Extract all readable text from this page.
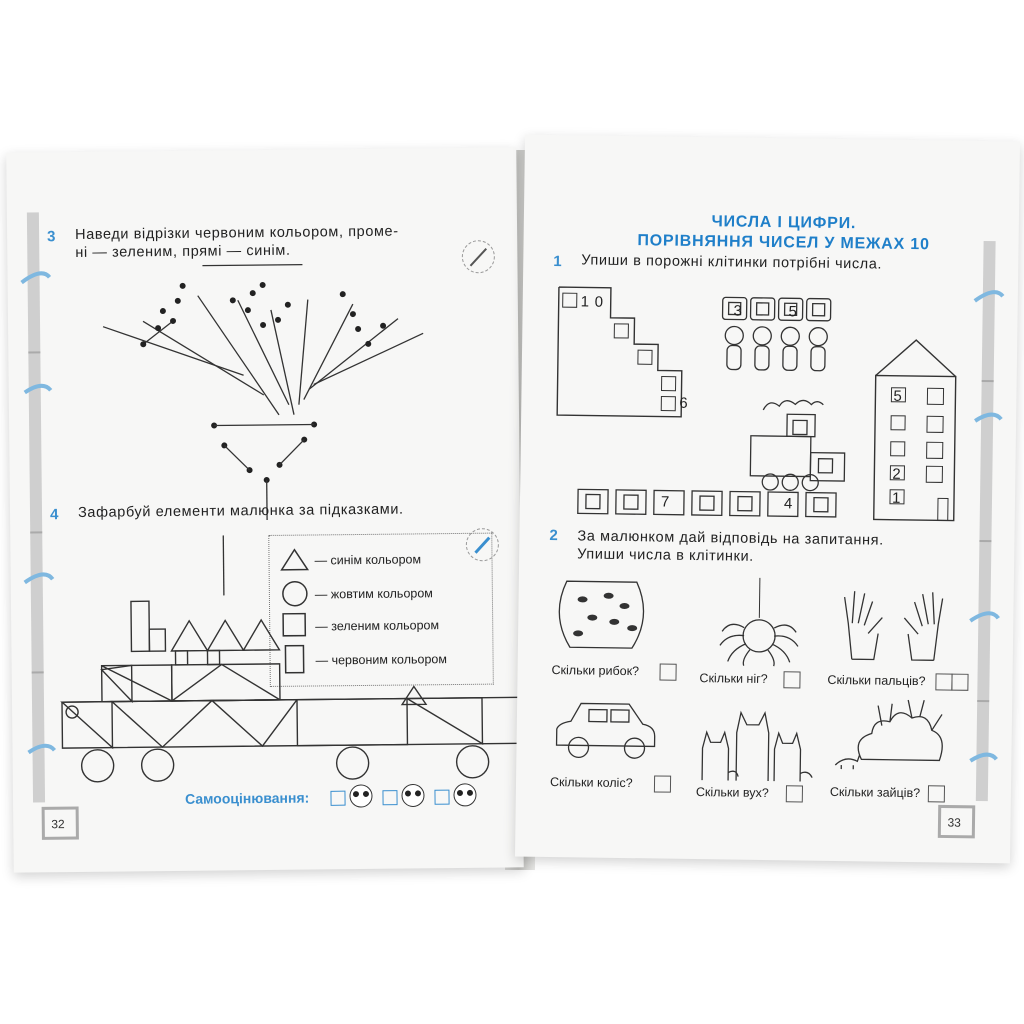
3 Наведи відрізки червоним кольором, проме-
ні — зеленим, прямі — синім.
4 Зафарбуй елементи малюнка за підказками.
— синім кольором
— жовтим кольором
— зеленим кольором
— червоним кольором
Самооцінювання:
32
ЧИСЛА І ЦИФРИ.
ПОРІВНЯННЯ ЧИСЕЛ У МЕЖАХ 10
1 Упиши в порожні клітинки потрібні числа.
1 0
6
3	5
5
2
1
7	4
2 За малюнком дай відповідь на запитання.
Упиши числа в клітинки.
Скільки рибок?
Скільки ніг?	Скільки пальців?
Скільки коліс?
Скільки вух?	Скільки зайців?
33
